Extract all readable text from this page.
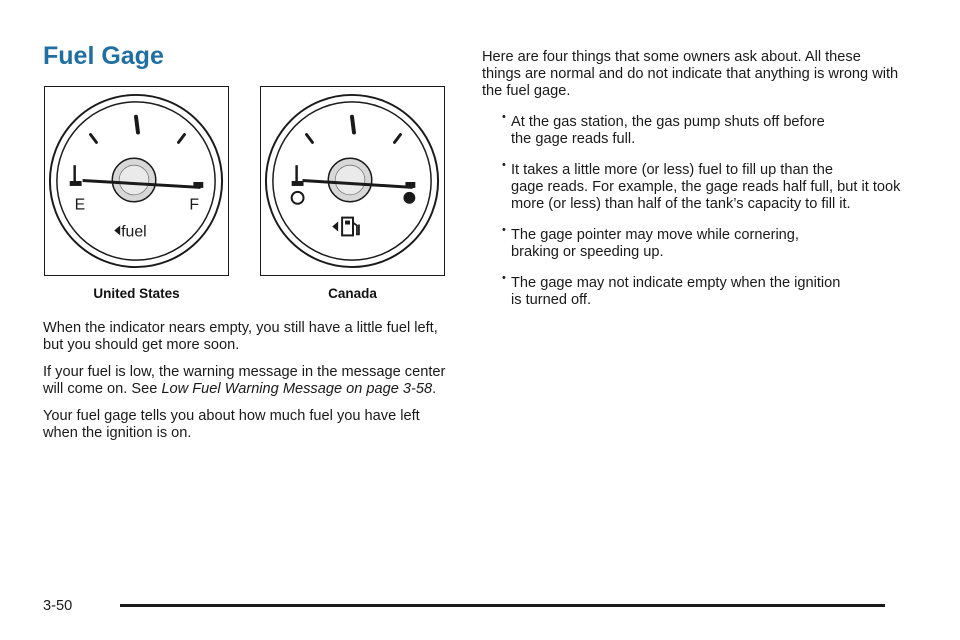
Fuel Gage
E	F
fuel
United States	Canada

When the indicator nears empty, you still have a little fuel left, but you should get more soon.

If your fuel is low, the warning message in the message center will come on. See Low Fuel Warning Message on page 3-58.

Your fuel gage tells you about how much fuel you have left when the ignition is on.

Here are four things that some owners ask about. All these things are normal and do not indicate that anything is wrong with the fuel gage.

• At the gas station, the gas pump shuts off before
the gage reads full.
• It takes a little more (or less) fuel to fill up than the
gage reads. For example, the gage reads half full, but it took more (or less) than half of the tank’s capacity to fill it.
• The gage pointer may move while cornering,
braking or speeding up.
• The gage may not indicate empty when the ignition
is turned off.
3-50
